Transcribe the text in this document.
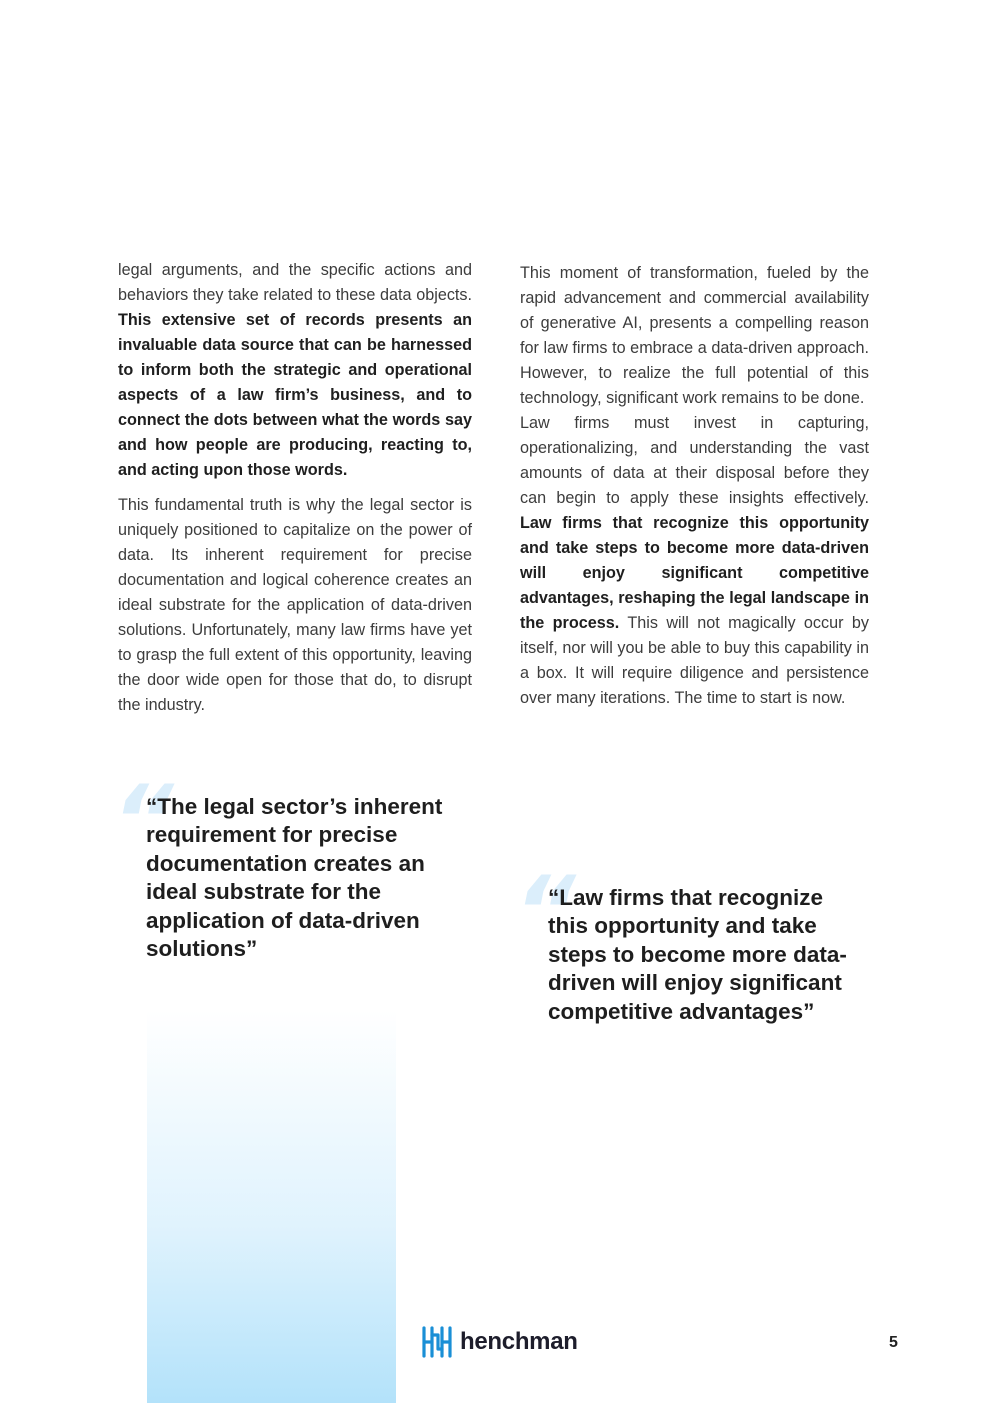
legal arguments, and the specific actions and behaviors they take related to these data objects. This extensive set of records presents an invaluable data source that can be harnessed to inform both the strategic and operational aspects of a law firm’s business, and to connect the dots between what the words say and how people are producing, reacting to, and acting upon those words.

This fundamental truth is why the legal sector is uniquely positioned to capitalize on the power of data. Its inherent requirement for precise documentation and logical coherence creates an ideal substrate for the application of data-driven solutions. Unfortunately, many law firms have yet to grasp the full extent of this opportunity, leaving the door wide open for those that do, to disrupt the industry.

This moment of transformation, fueled by the rapid advancement and commercial availability of generative AI, presents a compelling reason for law firms to embrace a data-driven approach. However, to realize the full potential of this technology, significant work remains to be done.

Law firms must invest in capturing, operationalizing, and understanding the vast amounts of data at their disposal before they can begin to apply these insights effectively. Law firms that recognize this opportunity and take steps to become more data-driven will enjoy significant competitive advantages, reshaping the legal landscape in the process. This will not magically occur by itself, nor will you be able to buy this capability in a box. It will require diligence and persistence over many iterations. The time to start is now.

“
“The legal sector’s inherent requirement for precise documentation creates an ideal substrate for the application of data-driven solutions”	“
“Law firms that recognize this opportunity and take steps to become more data-driven will enjoy significant competitive advantages”
henchman	5
